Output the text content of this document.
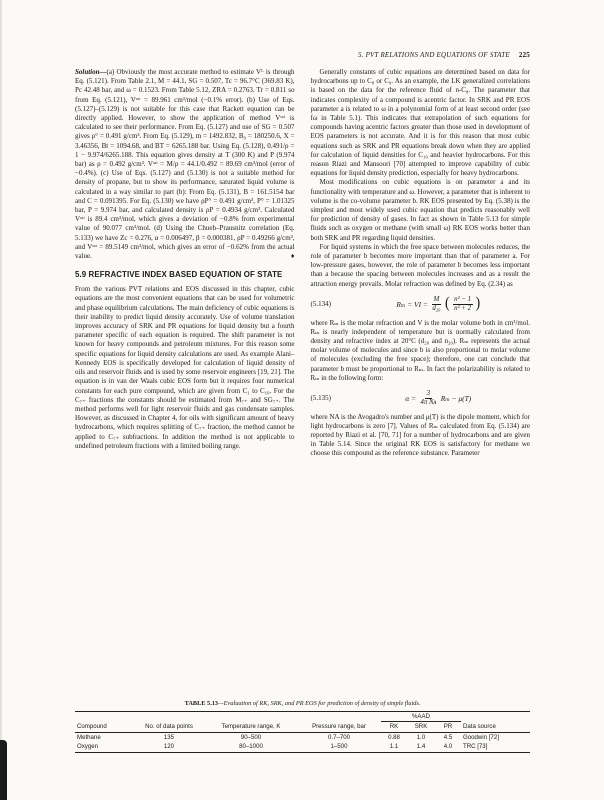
5. PVT RELATIONS AND EQUATIONS OF STATE 225

Solution—(a) Obviously the most accurate method to estimate Vᴸ is through Eq. (5.121). From Table 2.1, M = 44.1, SG = 0.507, Tc = 96.7°C (369.83 K), Pc 42.48 bar, and ω = 0.1523. From Table 5.12, ZRA = 0.2763. Tr = 0.811 so from Eq. (5.121), Vˢᵃᵗ = 89.961 cm³/mol (−0.1% error). (b) Use of Eqs. (5.127)–(5.129) is not suitable for this case that Rackett equation can be directly applied. However, to show the application of method Vˢᵃᵗ is calculated to see their performance. From Eq. (5.127) and use of SG = 0.507 gives ρ° = 0.491 g/cm³. From Eq. (5.129), m = 1492.832, B₀ = 180250.6, X = 3.46356, Bt = 1094.68, and BT = 6265.188 bar. Using Eq. (5.128), 0.491/ρ = 1 − 9.974/6265.188. This equation gives density at T (300 K) and P (9.974 bar) as ρ = 0.492 g/cm³. Vˢᵃᵗ = M/ρ = 44.1/0.492 = 89.69 cm³/mol (error of −0.4%). (c) Use of Eqs. (5.127) and (5.130) is not a suitable method for density of propane, but to show its performance, saturated liquid volume is calculated in a way similar to part (b): From Eq. (5.131), B = 161.5154 bar and C = 0.091395. For Eq. (5.130) we have ρP° = 0.491 g/cm³, P° = 1.01325 bar, P = 9.974 bar, and calculated density is ρP = 0.4934 g/cm³. Calculated Vˢᵃᵗ is 89.4 cm³/mol, which gives a deviation of −0.8% from experimental value of 90.077 cm³/mol. (d) Using the Chueh–Prausnitz correlation (Eq. 5.133) we have Zc = 0.276, α = 0.006497, β = 0.000381, ρP = 0.49266 g/cm³, and Vˢᵃᵗ = 89.5149 cm³/mol, which gives an error of −0.62% from the actual value.	♦

5.9 REFRACTIVE INDEX BASED EQUATION OF STATE

From the various PVT relations and EOS discussed in this chapter, cubic equations are the most convenient equations that can be used for volumetric and phase equilibrium calculations. The main deficiency of cubic equations is their inability to predict liquid density accurately. Use of volume translation improves accuracy of SRK and PR equations for liquid density but a fourth parameter specific of each equation is required. The shift parameter is not known for heavy compounds and petroleum mixtures. For this reason some specific equations for liquid density calculations are used. As example Alani–Kennedy EOS is specifically developed for calculation of liquid density of oils and reservoir fluids and is used by some reservoir engineers [19, 21]. The equation is in van der Waals cubic EOS form but it requires four numerical constants for each pure compound, which are given from C₁ to C₁₀. For the C₇₊ fractions the constants should be estimated from M₇₊ and SG₇₊. The method performs well for light reservoir fluids and gas condensate samples. However, as discussed in Chapter 4, for oils with significant amount of heavy hydrocarbons, which requires splitting of C₇₊ fraction, the method cannot be applied to C₇₊ subfractions. In addition the method is not applicable to undefined petroleum fractions with a limited boiling range.

Generally constants of cubic equations are determined based on data for hydrocarbons up to C₈ or C₉. As an example, the LK generalized correlations is based on the data for the reference fluid of n-C₈. The parameter that indicates complexity of a compound is acentric factor. In SRK and PR EOS parameter a is related to ω in a polynomial form of at least second order (see fω in Table 5.1). This indicates that extrapolation of such equations for compounds having acentric factors greater than those used in development of EOS parameters is not accurate. And it is for this reason that most cubic equations such as SRK and PR equations break down when they are applied for calculation of liquid densities for C₁₀ and heavier hydrocarbons. For this reason Riazi and Mansoori [70] attempted to improve capability of cubic equations for liquid density prediction, especially for heavy hydrocarbons.

Most modifications on cubic equations is on parameter a and its functionality with temperature and ω. However, a parameter that is inherent to volume is the co-volume parameter b. RK EOS presented by Eq. (5.38) is the simplest and most widely used cubic equation that predicts reasonably well for prediction of density of gases. In fact as shown in Table 5.13 for simple fluids such as oxygen or methane (with small ω) RK EOS works better than both SRK and PR regarding liquid densities.

For liquid systems in which the free space between molecules reduces, the role of parameter b becomes more important than that of parameter a. For low-pressure gases, however, the role of parameter b becomes less important than a because the spacing between molecules increases and as a result the attraction energy prevails. Molar refraction was defined by Eq. (2.34) as

(5.134)	Rₘ = VI = $\frac{M}{\text{d₂₀}}$ ( $\frac{\text{n² − 1}}{\text{n² + 2}}$ )

where Rₘ is the molar refraction and V is the molar volume both in cm³/mol. Rₘ is nearly independent of temperature but is normally calculated from density and refractive index at 20°C (d₂₀ and n₂₀). Rₘ represents the actual molar volume of molecules and since b is also proportional to molar volume of molecules (excluding the free space); therefore, one can conclude that parameter b must be proportional to Rₘ. In fact the polarizability is related to Rₘ in the following form:

(5.135)	$\alpha = \frac{3}{\text{4π Nᴀ}}$ Rₘ − μ(T)

where NA is the Avogadro's number and μ(T) is the dipole moment, which for light hydrocarbons is zero [7]. Values of Rₘ calculated from Eq. (5.134) are reported by Riazi et al. [70, 71] for a number of hydrocarbons and are given in Table 5.14. Since the original RK EOS is satisfactory for methane we choose this compound as the reference substance. Parameter

TABLE 5.13—Evaluation of RK, SRK, and PR EOS for prediction of density of simple fluids.
				%AAD			
Compound	No. of data points	Temperature range, K	Pressure range, bar	RK	SRK	PR	Data source
Methane	135	90–500	0.7–700	0.88	1.0	4.5	Goodwin [72]
Oxygen	120	80–1000	1–500	1.1	1.4	4.0	TRC [73]
